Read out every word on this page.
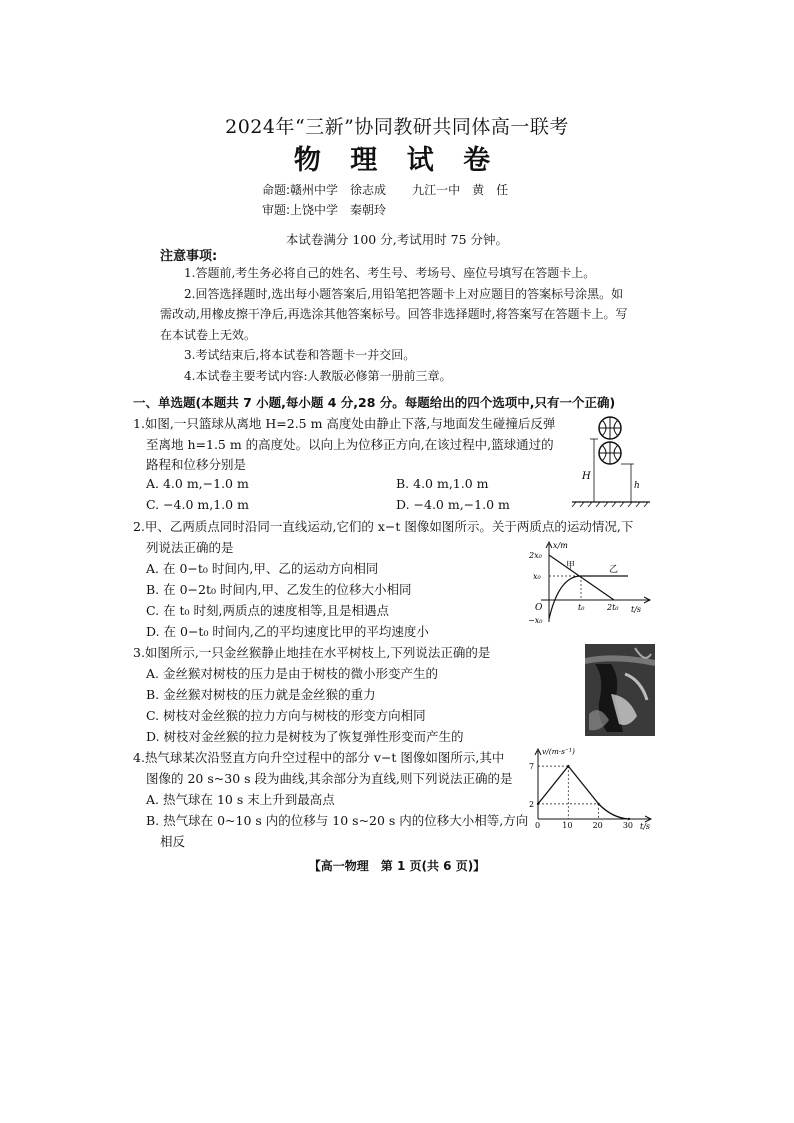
2024年“三新”协同教研共同体高一联考
物 理 试 卷
命题:赣州中学　徐志成 九江一中　黄　任
审题:上饶中学　秦朝玲
本试卷满分 100 分,考试用时 75 分钟。
注意事项:

1.答题前,考生务必将自己的姓名、考生号、考场号、座位号填写在答题卡上。

2.回答选择题时,选出每小题答案后,用铅笔把答题卡上对应题目的答案标号涂黑。如需改动,用橡皮擦干净后,再选涂其他答案标号。回答非选择题时,将答案写在答题卡上。写在本试卷上无效。

3.考试结束后,将本试卷和答题卡一并交回。

4.本试卷主要考试内容:人教版必修第一册前三章。

一、单选题(本题共 7 小题,每小题 4 分,28 分。每题给出的四个选项中,只有一个正确)

1.如图,一只篮球从离地 H=2.5 m 高度处由静止下落,与地面发生碰撞后反弹

至离地 h=1.5 m 的高度处。以向上为位移正方向,在该过程中,篮球通过的

路程和位移分别是

A. 4.0 m,−1.0 m	B. 4.0 m,1.0 m
C. −4.0 m,1.0 m	D. −4.0 m,−1.0 m
H
h

2.甲、乙两质点同时沿同一直线运动,它们的 x−t 图像如图所示。关于两质点的运动情况,下

列说法正确的是

A. 在 0−t₀ 时间内,甲、乙的运动方向相同
B. 在 0−2t₀ 时间内,甲、乙发生的位移大小相同
C. 在 t₀ 时刻,两质点的速度相等,且是相遇点
D. 在 0−t₀ 时间内,乙的平均速度比甲的平均速度小
x/m
t/s
O
2x₀
x₀
−x₀
t₀	2t₀
甲	乙

3.如图所示,一只金丝猴静止地挂在水平树枝上,下列说法正确的是

A. 金丝猴对树枝的压力是由于树枝的微小形变产生的
B. 金丝猴对树枝的压力就是金丝猴的重力
C. 树枝对金丝猴的拉力方向与树枝的形变方向相同
D. 树枝对金丝猴的拉力是树枝为了恢复弹性形变而产生的

4.热气球某次沿竖直方向升空过程中的部分 v−t 图像如图所示,其中

图像的 20 s~30 s 段为曲线,其余部分为直线,则下列说法正确的是

A. 热气球在 10 s 末上升到最高点
B. 热气球在 0~10 s 内的位移与 10 s~20 s 内的位移大小相等,方向
相反
v/(m·s⁻¹)
t/s
0	10	20	30
7
2
【高一物理　第 1 页(共 6 页)】
